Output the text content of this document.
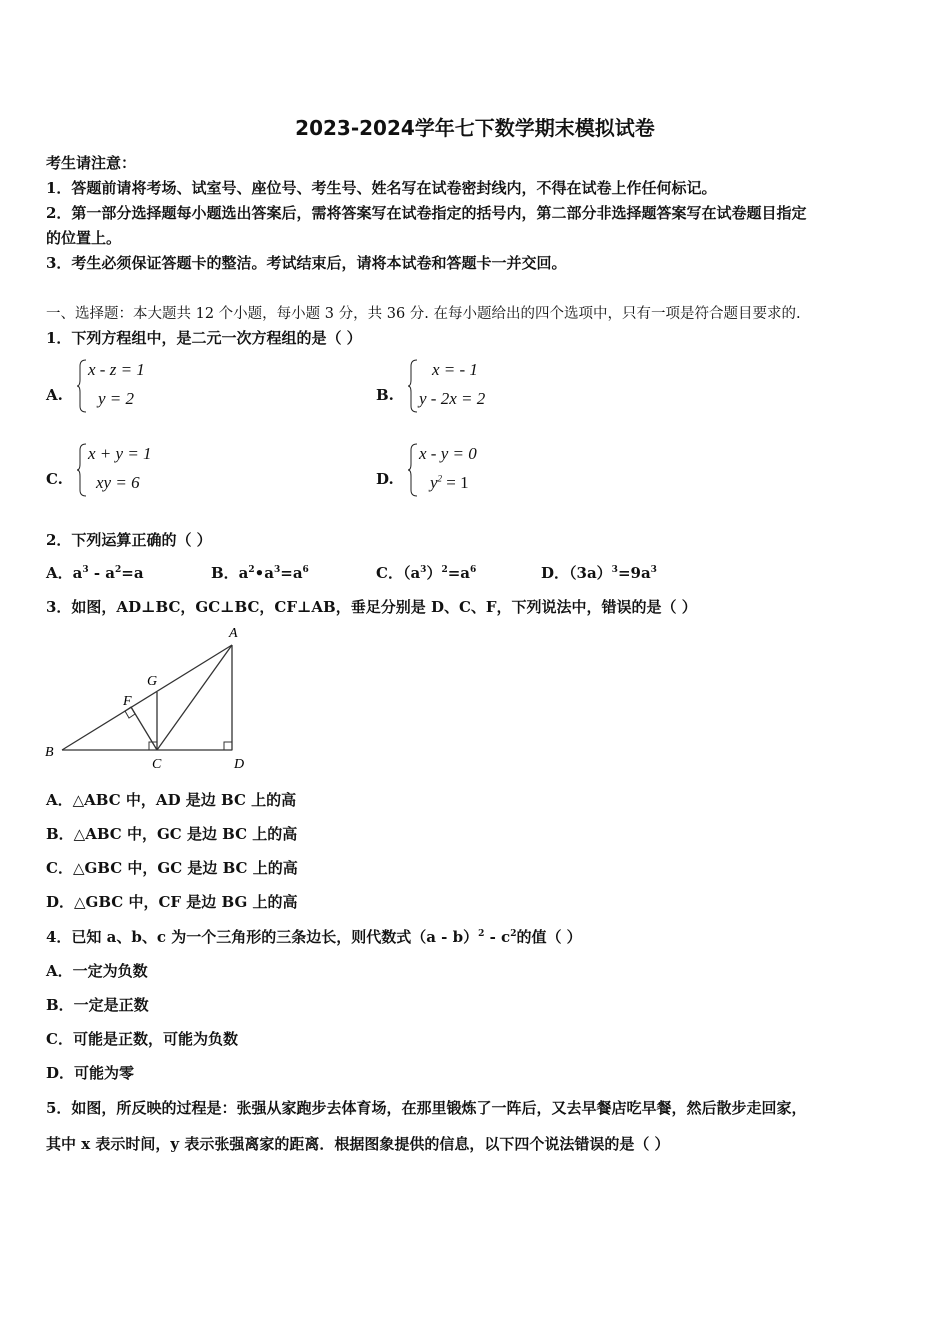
2023-2024学年七下数学期末模拟试卷
考生请注意：
1．答题前请将考场、试室号、座位号、考生号、姓名写在试卷密封线内，不得在试卷上作任何标记。
2．第一部分选择题每小题选出答案后，需将答案写在试卷指定的括号内，第二部分非选择题答案写在试卷题目指定
的位置上。
3．考生必须保证答题卡的整洁。考试结束后，请将本试卷和答题卡一并交回。
一、选择题：本大题共 12 个小题，每小题 3 分，共 36 分. 在每小题给出的四个选项中，只有一项是符合题目要求的.
1．下列方程组中，是二元一次方程组的是（ ）
A.
x - z = 1
y = 2	B.
x = - 1
y - 2x = 2
C.
x + y = 1
xy = 6	D.
x - y = 0
$y^2 = 1$
2．下列运算正确的（ ）
A．$a^3 - a^2=a$	B．$a^2•a^3=a^6$	C．$(a^3)^2=a^6$	D．$(3a)^3=9a^3$
3．如图，AD⊥BC，GC⊥BC，CF⊥AB，垂足分别是 D、C、F，下列说法中，错误的是（ ）
A
B
C	D
F
G
A．△ABC 中，AD 是边 BC 上的高
B．△ABC 中，GC 是边 BC 上的高
C．△GBC 中，GC 是边 BC 上的高
D．△GBC 中，CF 是边 BG 上的高
4．已知 a、b、c 为一个三角形的三条边长，则代数式$(a - b)^2 - c^2$的值（ ）
A．一定为负数
B．一定是正数
C．可能是正数，可能为负数
D．可能为零
5．如图，所反映的过程是：张强从家跑步去体育场，在那里锻炼了一阵后，又去早餐店吃早餐，然后散步走回家，
其中 x 表示时间，y 表示张强离家的距离．根据图象提供的信息，以下四个说法错误的是（ ）
